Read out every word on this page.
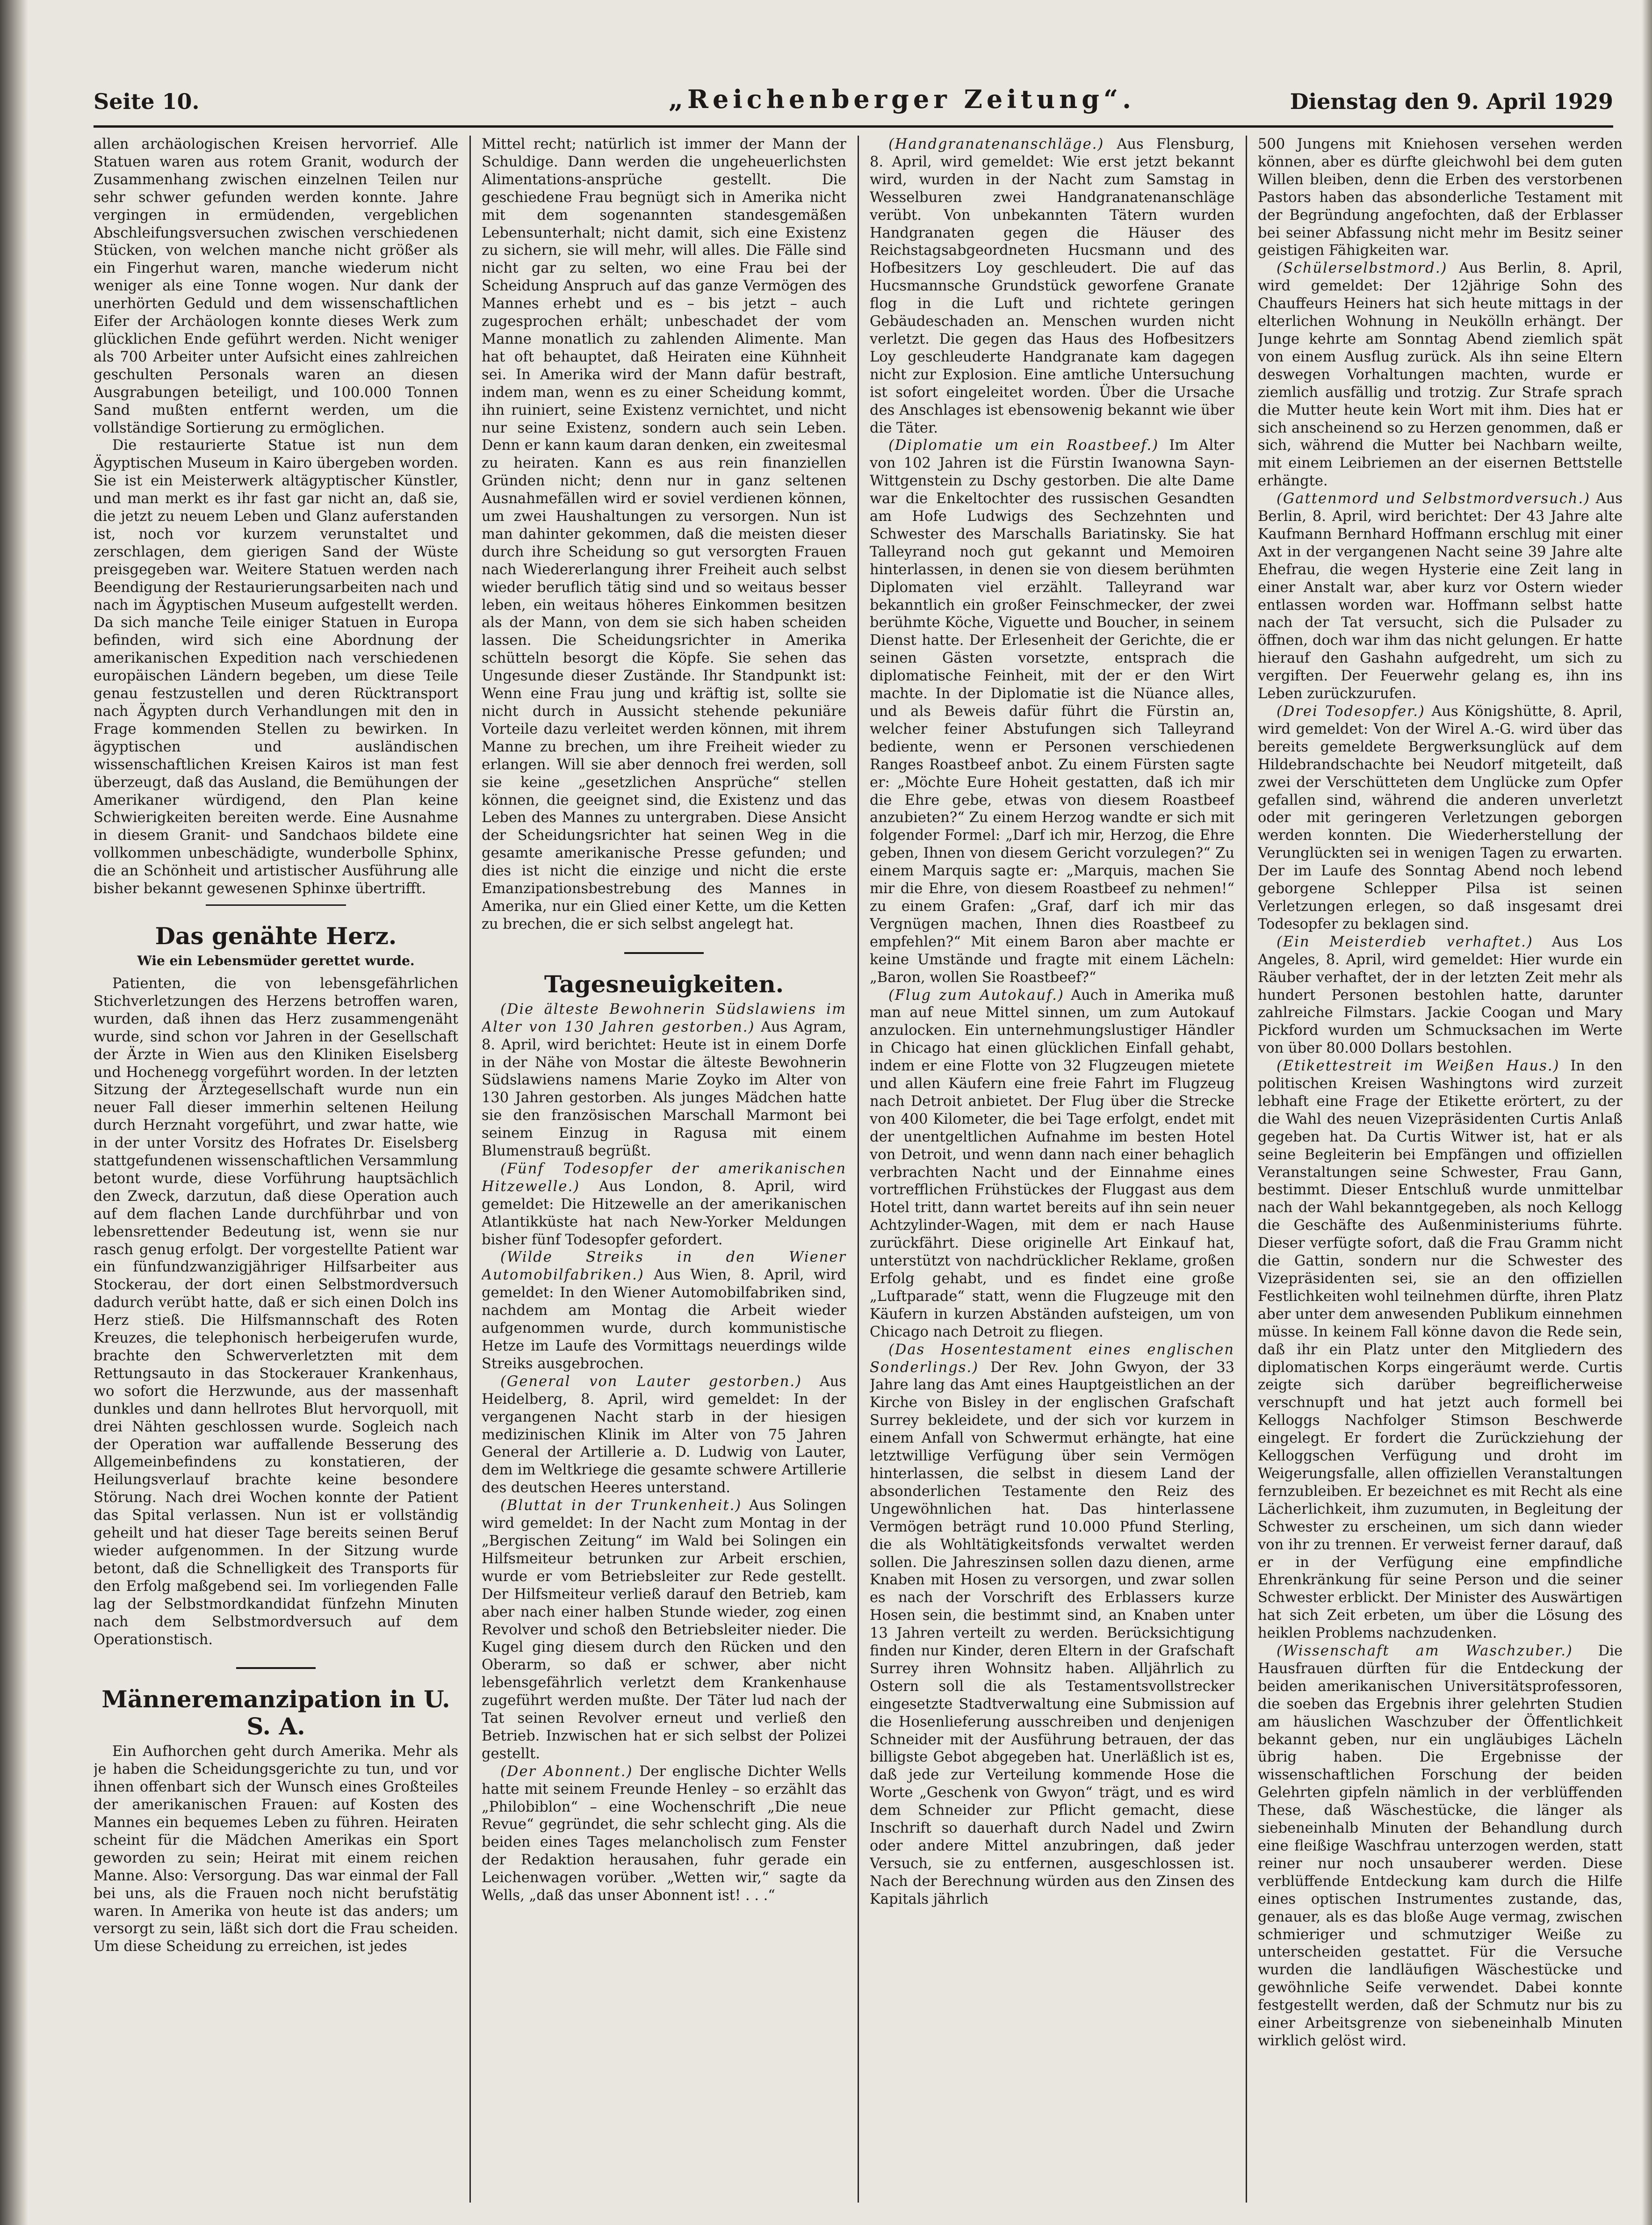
Seite 10.	„Reichenberger Zeitung“.	Dienstag den 9. April 1929

allen archäologischen Kreisen hervorrief. Alle Statuen waren aus rotem Granit, wodurch der Zusammenhang zwischen einzelnen Teilen nur sehr schwer gefunden werden konnte. Jahre vergingen in ermüdenden, vergeblichen Abschleifungsversuchen zwischen verschiedenen Stücken, von welchen manche nicht größer als ein Fingerhut waren, manche wiederum nicht weniger als eine Tonne wogen. Nur dank der unerhörten Geduld und dem wissenschaftlichen Eifer der Archäologen konnte dieses Werk zum glücklichen Ende geführt werden. Nicht weniger als 700 Arbeiter unter Aufsicht eines zahlreichen geschulten Personals waren an diesen Ausgrabungen beteiligt, und 100.000 Tonnen Sand mußten entfernt werden, um die vollständige Sortierung zu ermöglichen.

Die restaurierte Statue ist nun dem Ägyptischen Museum in Kairo übergeben worden. Sie ist ein Meisterwerk altägyptischer Künstler, und man merkt es ihr fast gar nicht an, daß sie, die jetzt zu neuem Leben und Glanz auferstanden ist, noch vor kurzem verunstaltet und zerschlagen, dem gierigen Sand der Wüste preisgegeben war. Weitere Statuen werden nach Beendigung der Restaurierungsarbeiten nach und nach im Ägyptischen Museum aufgestellt werden. Da sich manche Teile einiger Statuen in Europa befinden, wird sich eine Abordnung der amerikanischen Expedition nach verschiedenen europäischen Ländern begeben, um diese Teile genau festzustellen und deren Rücktransport nach Ägypten durch Verhandlungen mit den in Frage kommenden Stellen zu bewirken. In ägyptischen und ausländischen wissenschaftlichen Kreisen Kairos ist man fest überzeugt, daß das Ausland, die Bemühungen der Amerikaner würdigend, den Plan keine Schwierigkeiten bereiten werde. Eine Ausnahme in diesem Granit- und Sandchaos bildete eine vollkommen unbeschädigte, wunderbolle Sphinx, die an Schönheit und artistischer Ausführung alle bisher bekannt gewesenen Sphinxe übertrifft.

Das genähte Herz.
Wie ein Lebensmüder gerettet wurde.

Patienten, die von lebensgefährlichen Stichverletzungen des Herzens betroffen waren, wurden, daß ihnen das Herz zusammengenäht wurde, sind schon vor Jahren in der Gesellschaft der Ärzte in Wien aus den Kliniken Eiselsberg und Hochenegg vorgeführt worden. In der letzten Sitzung der Ärztegesellschaft wurde nun ein neuer Fall dieser immerhin seltenen Heilung durch Herznaht vorgeführt, und zwar hatte, wie in der unter Vorsitz des Hofrates Dr. Eiselsberg stattgefundenen wissenschaftlichen Versammlung betont wurde, diese Vorführung hauptsächlich den Zweck, darzutun, daß diese Operation auch auf dem flachen Lande durchführbar und von lebensrettender Bedeutung ist, wenn sie nur rasch genug erfolgt. Der vorgestellte Patient war ein fünfundzwanzigjähriger Hilfsarbeiter aus Stockerau, der dort einen Selbstmordversuch dadurch verübt hatte, daß er sich einen Dolch ins Herz stieß. Die Hilfsmannschaft des Roten Kreuzes, die telephonisch herbeigerufen wurde, brachte den Schwerverletzten mit dem Rettungsauto in das Stockerauer Krankenhaus, wo sofort die Herzwunde, aus der massenhaft dunkles und dann hellrotes Blut hervorquoll, mit drei Nähten geschlossen wurde. Sogleich nach der Operation war auffallende Besserung des Allgemeinbefindens zu konstatieren, der Heilungsverlauf brachte keine besondere Störung. Nach drei Wochen konnte der Patient das Spital verlassen. Nun ist er vollständig geheilt und hat dieser Tage bereits seinen Beruf wieder aufgenommen. In der Sitzung wurde betont, daß die Schnelligkeit des Transports für den Erfolg maßgebend sei. Im vorliegenden Falle lag der Selbstmordkandidat fünfzehn Minuten nach dem Selbstmordversuch auf dem Operationstisch.

Männeremanzipation in U. S. A.

Ein Aufhorchen geht durch Amerika. Mehr als je haben die Scheidungsgerichte zu tun, und vor ihnen offenbart sich der Wunsch eines Großteiles der amerikanischen Frauen: auf Kosten des Mannes ein bequemes Leben zu führen. Heiraten scheint für die Mädchen Amerikas ein Sport geworden zu sein; Heirat mit einem reichen Manne. Also: Versorgung. Das war einmal der Fall bei uns, als die Frauen noch nicht berufstätig waren. In Amerika von heute ist das anders; um versorgt zu sein, läßt sich dort die Frau scheiden. Um diese Scheidung zu erreichen, ist jedes

Mittel recht; natürlich ist immer der Mann der Schuldige. Dann werden die ungeheuerlichsten Alimentations-ansprüche gestellt. Die geschiedene Frau begnügt sich in Amerika nicht mit dem sogenannten standesgemäßen Lebensunterhalt; nicht damit, sich eine Existenz zu sichern, sie will mehr, will alles. Die Fälle sind nicht gar zu selten, wo eine Frau bei der Scheidung Anspruch auf das ganze Vermögen des Mannes erhebt und es – bis jetzt – auch zugesprochen erhält; unbeschadet der vom Manne monatlich zu zahlenden Alimente. Man hat oft behauptet, daß Heiraten eine Kühnheit sei. In Amerika wird der Mann dafür bestraft, indem man, wenn es zu einer Scheidung kommt, ihn ruiniert, seine Existenz vernichtet, und nicht nur seine Existenz, sondern auch sein Leben. Denn er kann kaum daran denken, ein zweitesmal zu heiraten. Kann es aus rein finanziellen Gründen nicht; denn nur in ganz seltenen Ausnahmefällen wird er soviel verdienen können, um zwei Haushaltungen zu versorgen. Nun ist man dahinter gekommen, daß die meisten dieser durch ihre Scheidung so gut versorgten Frauen nach Wiedererlangung ihrer Freiheit auch selbst wieder beruflich tätig sind und so weitaus besser leben, ein weitaus höheres Einkommen besitzen als der Mann, von dem sie sich haben scheiden lassen. Die Scheidungsrichter in Amerika schütteln besorgt die Köpfe. Sie sehen das Ungesunde dieser Zustände. Ihr Standpunkt ist: Wenn eine Frau jung und kräftig ist, sollte sie nicht durch in Aussicht stehende pekuniäre Vorteile dazu verleitet werden können, mit ihrem Manne zu brechen, um ihre Freiheit wieder zu erlangen. Will sie aber dennoch frei werden, soll sie keine „gesetzlichen Ansprüche“ stellen können, die geeignet sind, die Existenz und das Leben des Mannes zu untergraben. Diese Ansicht der Scheidungsrichter hat seinen Weg in die gesamte amerikanische Presse gefunden; und dies ist nicht die einzige und nicht die erste Emanzipationsbestrebung des Mannes in Amerika, nur ein Glied einer Kette, um die Ketten zu brechen, die er sich selbst angelegt hat.

Tagesneuigkeiten.

(Die älteste Bewohnerin Südslawiens im Alter von 130 Jahren gestorben.) Aus Agram, 8. April, wird berichtet: Heute ist in einem Dorfe in der Nähe von Mostar die älteste Bewohnerin Südslawiens namens Marie Zoyko im Alter von 130 Jahren gestorben. Als junges Mädchen hatte sie den französischen Marschall Marmont bei seinem Einzug in Ragusa mit einem Blumenstrauß begrüßt.

(Fünf Todesopfer der amerikanischen Hitzewelle.) Aus London, 8. April, wird gemeldet: Die Hitzewelle an der amerikanischen Atlantikküste hat nach New-Yorker Meldungen bisher fünf Todesopfer gefordert.

(Wilde Streiks in den Wiener Automobilfabriken.) Aus Wien, 8. April, wird gemeldet: In den Wiener Automobilfabriken sind, nachdem am Montag die Arbeit wieder aufgenommen wurde, durch kommunistische Hetze im Laufe des Vormittags neuerdings wilde Streiks ausgebrochen.

(General von Lauter gestorben.) Aus Heidelberg, 8. April, wird gemeldet: In der vergangenen Nacht starb in der hiesigen medizinischen Klinik im Alter von 75 Jahren General der Artillerie a. D. Ludwig von Lauter, dem im Weltkriege die gesamte schwere Artillerie des deutschen Heeres unterstand.

(Bluttat in der Trunkenheit.) Aus Solingen wird gemeldet: In der Nacht zum Montag in der „Bergischen Zeitung“ im Wald bei Solingen ein Hilfsmeiteur betrunken zur Arbeit erschien, wurde er vom Betriebsleiter zur Rede gestellt. Der Hilfsmeiteur verließ darauf den Betrieb, kam aber nach einer halben Stunde wieder, zog einen Revolver und schoß den Betriebsleiter nieder. Die Kugel ging diesem durch den Rücken und den Oberarm, so daß er schwer, aber nicht lebensgefährlich verletzt dem Krankenhause zugeführt werden mußte. Der Täter lud nach der Tat seinen Revolver erneut und verließ den Betrieb. Inzwischen hat er sich selbst der Polizei gestellt.

(Der Abonnent.) Der englische Dichter Wells hatte mit seinem Freunde Henley – so erzählt das „Philobiblon“ – eine Wochenschrift „Die neue Revue“ gegründet, die sehr schlecht ging. Als die beiden eines Tages melancholisch zum Fenster der Redaktion herausahen, fuhr gerade ein Leichenwagen vorüber. „Wetten wir,“ sagte da Wells, „daß das unser Abonnent ist! . . .“

(Handgranatenanschläge.) Aus Flensburg, 8. April, wird gemeldet: Wie erst jetzt bekannt wird, wurden in der Nacht zum Samstag in Wesselburen zwei Handgranatenanschläge verübt. Von unbekannten Tätern wurden Handgranaten gegen die Häuser des Reichstagsabgeordneten Hucsmann und des Hofbesitzers Loy geschleudert. Die auf das Hucsmannsche Grundstück geworfene Granate flog in die Luft und richtete geringen Gebäudeschaden an. Menschen wurden nicht verletzt. Die gegen das Haus des Hofbesitzers Loy geschleuderte Handgranate kam dagegen nicht zur Explosion. Eine amtliche Untersuchung ist sofort eingeleitet worden. Über die Ursache des Anschlages ist ebensowenig bekannt wie über die Täter.

(Diplomatie um ein Roastbeef.) Im Alter von 102 Jahren ist die Fürstin Iwanowna Sayn-Wittgenstein zu Dschy gestorben. Die alte Dame war die Enkeltochter des russischen Gesandten am Hofe Ludwigs des Sechzehnten und Schwester des Marschalls Bariatinsky. Sie hat Talleyrand noch gut gekannt und Memoiren hinterlassen, in denen sie von diesem berühmten Diplomaten viel erzählt. Talleyrand war bekanntlich ein großer Feinschmecker, der zwei berühmte Köche, Viguette und Boucher, in seinem Dienst hatte. Der Erlesenheit der Gerichte, die er seinen Gästen vorsetzte, entsprach die diplomatische Feinheit, mit der er den Wirt machte. In der Diplomatie ist die Nüance alles, und als Beweis dafür führt die Fürstin an, welcher feiner Abstufungen sich Talleyrand bediente, wenn er Personen verschiedenen Ranges Roastbeef anbot. Zu einem Fürsten sagte er: „Möchte Eure Hoheit gestatten, daß ich mir die Ehre gebe, etwas von diesem Roastbeef anzubieten?“ Zu einem Herzog wandte er sich mit folgender Formel: „Darf ich mir, Herzog, die Ehre geben, Ihnen von diesem Gericht vorzulegen?“ Zu einem Marquis sagte er: „Marquis, machen Sie mir die Ehre, von diesem Roastbeef zu nehmen!“ zu einem Grafen: „Graf, darf ich mir das Vergnügen machen, Ihnen dies Roastbeef zu empfehlen?“ Mit einem Baron aber machte er keine Umstände und fragte mit einem Lächeln: „Baron, wollen Sie Roastbeef?“

(Flug zum Autokauf.) Auch in Amerika muß man auf neue Mittel sinnen, um zum Autokauf anzulocken. Ein unternehmungslustiger Händler in Chicago hat einen glücklichen Einfall gehabt, indem er eine Flotte von 32 Flugzeugen mietete und allen Käufern eine freie Fahrt im Flugzeug nach Detroit anbietet. Der Flug über die Strecke von 400 Kilometer, die bei Tage erfolgt, endet mit der unentgeltlichen Aufnahme im besten Hotel von Detroit, und wenn dann nach einer behaglich verbrachten Nacht und der Einnahme eines vortrefflichen Frühstückes der Fluggast aus dem Hotel tritt, dann wartet bereits auf ihn sein neuer Achtzylinder-Wagen, mit dem er nach Hause zurückfährt. Diese originelle Art Einkauf hat, unterstützt von nachdrücklicher Reklame, großen Erfolg gehabt, und es findet eine große „Luftparade“ statt, wenn die Flugzeuge mit den Käufern in kurzen Abständen aufsteigen, um von Chicago nach Detroit zu fliegen.

(Das Hosentestament eines englischen Sonderlings.) Der Rev. John Gwyon, der 33 Jahre lang das Amt eines Hauptgeistlichen an der Kirche von Bisley in der englischen Grafschaft Surrey bekleidete, und der sich vor kurzem in einem Anfall von Schwermut erhängte, hat eine letztwillige Verfügung über sein Vermögen hinterlassen, die selbst in diesem Land der absonderlichen Testamente den Reiz des Ungewöhnlichen hat. Das hinterlassene Vermögen beträgt rund 10.000 Pfund Sterling, die als Wohltätigkeitsfonds verwaltet werden sollen. Die Jahreszinsen sollen dazu dienen, arme Knaben mit Hosen zu versorgen, und zwar sollen es nach der Vorschrift des Erblassers kurze Hosen sein, die bestimmt sind, an Knaben unter 13 Jahren verteilt zu werden. Berücksichtigung finden nur Kinder, deren Eltern in der Grafschaft Surrey ihren Wohnsitz haben. Alljährlich zu Ostern soll die als Testamentsvollstrecker eingesetzte Stadtverwaltung eine Submission auf die Hosenlieferung ausschreiben und denjenigen Schneider mit der Ausführung betrauen, der das billigste Gebot abgegeben hat. Unerläßlich ist es, daß jede zur Verteilung kommende Hose die Worte „Geschenk von Gwyon“ trägt, und es wird dem Schneider zur Pflicht gemacht, diese Inschrift so dauerhaft durch Nadel und Zwirn oder andere Mittel anzubringen, daß jeder Versuch, sie zu entfernen, ausgeschlossen ist. Nach der Berechnung würden aus den Zinsen des Kapitals jährlich

500 Jungens mit Kniehosen versehen werden können, aber es dürfte gleichwohl bei dem guten Willen bleiben, denn die Erben des verstorbenen Pastors haben das absonderliche Testament mit der Begründung angefochten, daß der Erblasser bei seiner Abfassung nicht mehr im Besitz seiner geistigen Fähigkeiten war.

(Schülerselbstmord.) Aus Berlin, 8. April, wird gemeldet: Der 12jährige Sohn des Chauffeurs Heiners hat sich heute mittags in der elterlichen Wohnung in Neukölln erhängt. Der Junge kehrte am Sonntag Abend ziemlich spät von einem Ausflug zurück. Als ihn seine Eltern deswegen Vorhaltungen machten, wurde er ziemlich ausfällig und trotzig. Zur Strafe sprach die Mutter heute kein Wort mit ihm. Dies hat er sich anscheinend so zu Herzen genommen, daß er sich, während die Mutter bei Nachbarn weilte, mit einem Leibriemen an der eisernen Bettstelle erhängte.

(Gattenmord und Selbstmordversuch.) Aus Berlin, 8. April, wird berichtet: Der 43 Jahre alte Kaufmann Bernhard Hoffmann erschlug mit einer Axt in der vergangenen Nacht seine 39 Jahre alte Ehefrau, die wegen Hysterie eine Zeit lang in einer Anstalt war, aber kurz vor Ostern wieder entlassen worden war. Hoffmann selbst hatte nach der Tat versucht, sich die Pulsader zu öffnen, doch war ihm das nicht gelungen. Er hatte hierauf den Gashahn aufgedreht, um sich zu vergiften. Der Feuerwehr gelang es, ihn ins Leben zurückzurufen.

(Drei Todesopfer.) Aus Königshütte, 8. April, wird gemeldet: Von der Wirel A.-G. wird über das bereits gemeldete Bergwerksunglück auf dem Hildebrandschachte bei Neudorf mitgeteilt, daß zwei der Verschütteten dem Unglücke zum Opfer gefallen sind, während die anderen unverletzt oder mit geringeren Verletzungen geborgen werden konnten. Die Wiederherstellung der Verunglückten sei in wenigen Tagen zu erwarten. Der im Laufe des Sonntag Abend noch lebend geborgene Schlepper Pilsa ist seinen Verletzungen erlegen, so daß insgesamt drei Todesopfer zu beklagen sind.

(Ein Meisterdieb verhaftet.) Aus Los Angeles, 8. April, wird gemeldet: Hier wurde ein Räuber verhaftet, der in der letzten Zeit mehr als hundert Personen bestohlen hatte, darunter zahlreiche Filmstars. Jackie Coogan und Mary Pickford wurden um Schmucksachen im Werte von über 80.000 Dollars bestohlen.

(Etikettestreit im Weißen Haus.) In den politischen Kreisen Washingtons wird zurzeit lebhaft eine Frage der Etikette erörtert, zu der die Wahl des neuen Vizepräsidenten Curtis Anlaß gegeben hat. Da Curtis Witwer ist, hat er als seine Begleiterin bei Empfängen und offiziellen Veranstaltungen seine Schwester, Frau Gann, bestimmt. Dieser Entschluß wurde unmittelbar nach der Wahl bekanntgegeben, als noch Kellogg die Geschäfte des Außenministeriums führte. Dieser verfügte sofort, daß die Frau Gramm nicht die Gattin, sondern nur die Schwester des Vizepräsidenten sei, sie an den offiziellen Festlichkeiten wohl teilnehmen dürfte, ihren Platz aber unter dem anwesenden Publikum einnehmen müsse. In keinem Fall könne davon die Rede sein, daß ihr ein Platz unter den Mitgliedern des diplomatischen Korps eingeräumt werde. Curtis zeigte sich darüber begreiflicherweise verschnupft und hat jetzt auch formell bei Kelloggs Nachfolger Stimson Beschwerde eingelegt. Er fordert die Zurückziehung der Kelloggschen Verfügung und droht im Weigerungsfalle, allen offiziellen Veranstaltungen fernzubleiben. Er bezeichnet es mit Recht als eine Lächerlichkeit, ihm zuzumuten, in Begleitung der Schwester zu erscheinen, um sich dann wieder von ihr zu trennen. Er verweist ferner darauf, daß er in der Verfügung eine empfindliche Ehrenkränkung für seine Person und die seiner Schwester erblickt. Der Minister des Auswärtigen hat sich Zeit erbeten, um über die Lösung des heiklen Problems nachzudenken.

(Wissenschaft am Waschzuber.) Die Hausfrauen dürften für die Entdeckung der beiden amerikanischen Universitätsprofessoren, die soeben das Ergebnis ihrer gelehrten Studien am häuslichen Waschzuber der Öffentlichkeit bekannt geben, nur ein ungläubiges Lächeln übrig haben. Die Ergebnisse der wissenschaftlichen Forschung der beiden Gelehrten gipfeln nämlich in der verblüffenden These, daß Wäschestücke, die länger als siebeneinhalb Minuten der Behandlung durch eine fleißige Waschfrau unterzogen werden, statt reiner nur noch unsauberer werden. Diese verblüffende Entdeckung kam durch die Hilfe eines optischen Instrumentes zustande, das, genauer, als es das bloße Auge vermag, zwischen schmieriger und schmutziger Weiße zu unterscheiden gestattet. Für die Versuche wurden die landläufigen Wäschestücke und gewöhnliche Seife verwendet. Dabei konnte festgestellt werden, daß der Schmutz nur bis zu einer Arbeitsgrenze von siebeneinhalb Minuten wirklich gelöst wird.
